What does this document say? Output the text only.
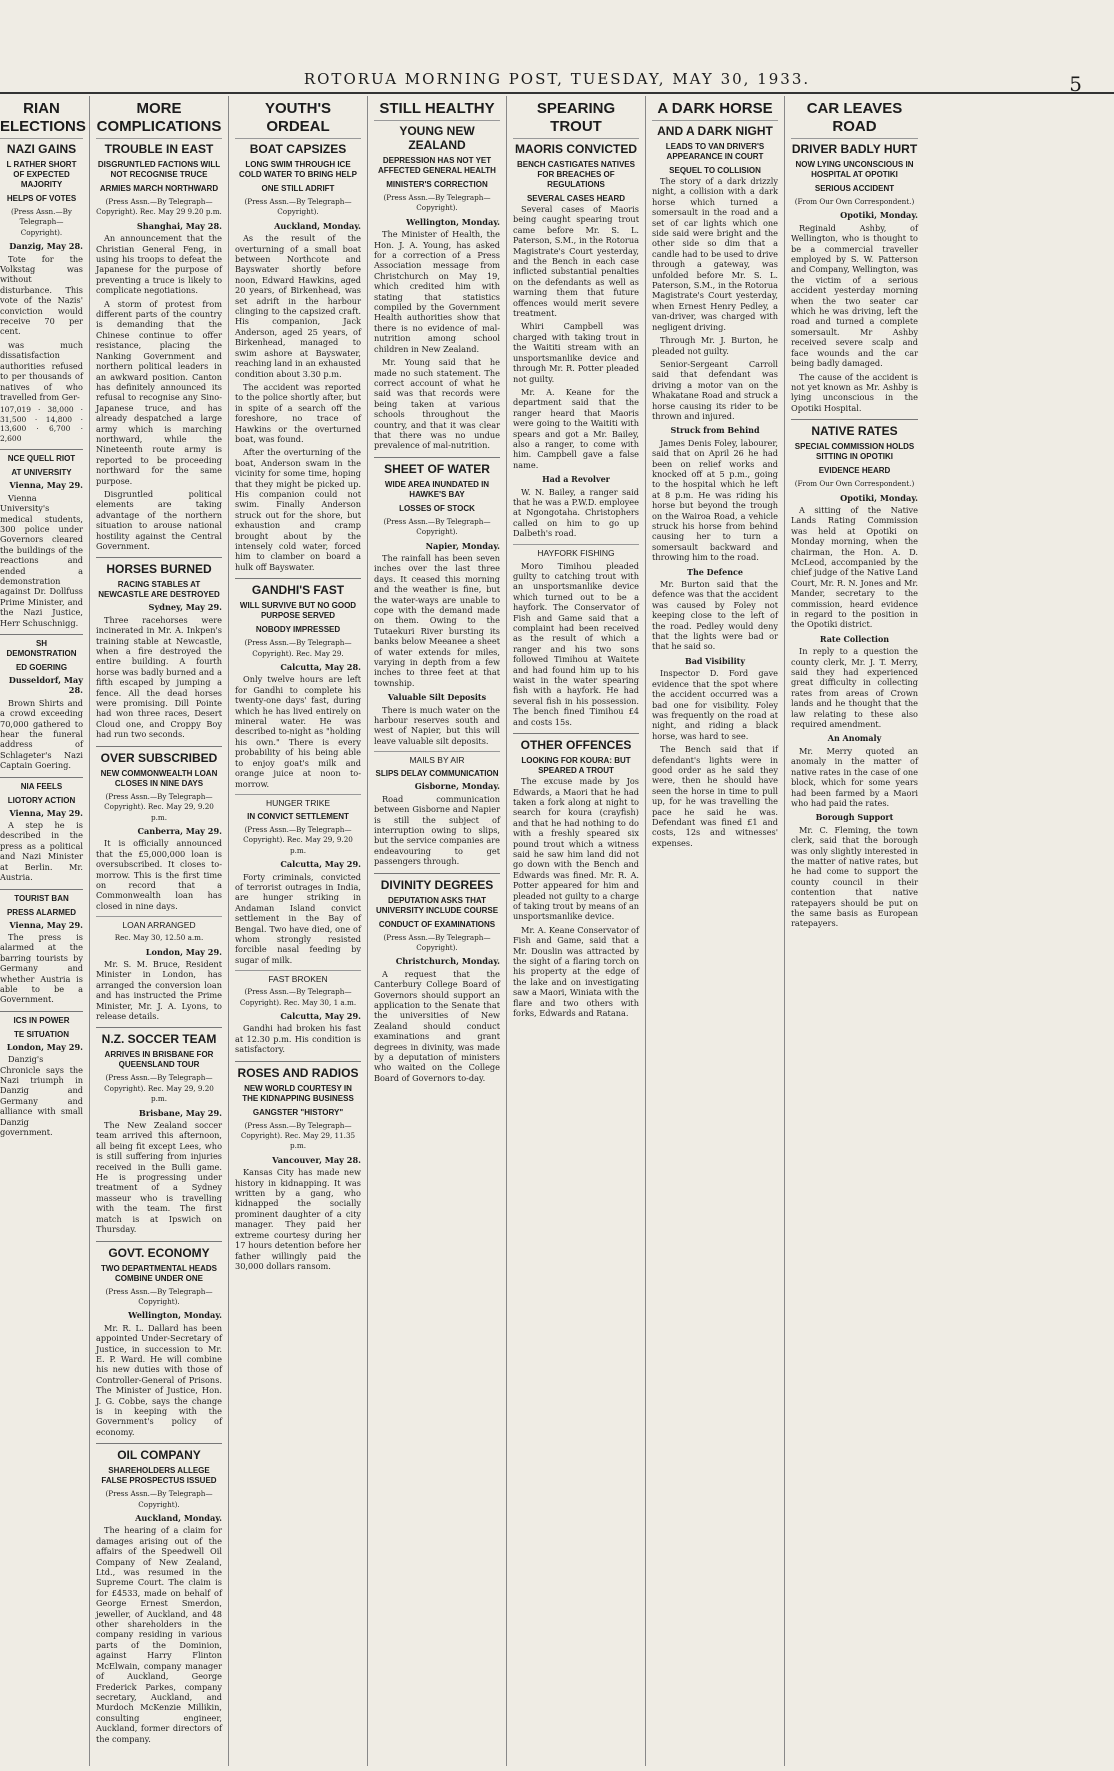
ROTORUA MORNING POST, TUESDAY, MAY 30, 1933.	5
RIAN ELECTIONS
NAZI GAINS
L RATHER SHORT OF EXPECTED MAJORITY
HELPS OF VOTES
(Press Assn.—By Telegraph—Copyright).
Danzig, May 28.

Tote for the Volkstag was without disturbance. This vote of the Nazis' conviction would receive 70 per cent.

was much dissatisfaction authorities refused to per thousands of natives of who travelled from Ger-

107,019 · 38,000 · 31,500 · 14,800 · 13,600 · 6,700 · 2,600
NCE QUELL RIOT
AT UNIVERSITY
Vienna, May 29.

Vienna University's medical students, 300 police under Governors cleared the buildings of the reactions and ended a demonstration against Dr. Dollfuss Prime Minister, and the Nazi Justice, Herr Schuschnigg.

SH DEMONSTRATION
ED GOERING
Dusseldorf, May 28.

Brown Shirts and a crowd exceeding 70,000 gathered to hear the funeral address of Schlageter's Nazi Captain Goering.

NIA FEELS
LIOTORY ACTION
Vienna, May 29.

A step he is described in the press as a political and Nazi Minister at Berlin. Mr. Austria.

TOURIST BAN
PRESS ALARMED
Vienna, May 29.

The press is alarmed at the barring tourists by Germany and whether Austria is able to be a Government.

ICS IN POWER
TE SITUATION
London, May 29.

Danzig's Chronicle says the Nazi triumph in Danzig and Germany and alliance with small Danzig government.

MORE COMPLICATIONS
TROUBLE IN EAST
DISGRUNTLED FACTIONS WILL NOT RECOGNISE TRUCE
ARMIES MARCH NORTHWARD
(Press Assn.—By Telegraph—Copyright). Rec. May 29 9.20 p.m.
Shanghai, May 28.

An announcement that the Christian General Feng, in using his troops to defeat the Japanese for the purpose of preventing a truce is likely to complicate negotiations.

A storm of protest from different parts of the country is demanding that the Chinese continue to offer resistance, placing the Nanking Government and northern political leaders in an awkward position. Canton has definitely announced its refusal to recognise any Sino-Japanese truce, and has already despatched a large army which is marching northward, while the Nineteenth route army is reported to be proceeding northward for the same purpose.

Disgruntled political elements are taking advantage of the northern situation to arouse national hostility against the Central Government.

HORSES BURNED
RACING STABLES AT NEWCASTLE ARE DESTROYED
Sydney, May 29.

Three racehorses were incinerated in Mr. A. Inkpen's training stable at Newcastle, when a fire destroyed the entire building. A fourth horse was badly burned and a fifth escaped by jumping a fence. All the dead horses were promising. Dill Pointe had won three races, Desert Cloud one, and Croppy Boy had run two seconds.

OVER SUBSCRIBED
NEW COMMONWEALTH LOAN CLOSES IN NINE DAYS
(Press Assn.—By Telegraph—Copyright). Rec. May 29, 9.20 p.m.
Canberra, May 29.

It is officially announced that the £5,000,000 loan is oversubscribed. It closes to-morrow. This is the first time on record that a Commonwealth loan has closed in nine days.

LOAN ARRANGED
Rec. May 30, 12.50 a.m.
London, May 29.

Mr. S. M. Bruce, Resident Minister in London, has arranged the conversion loan and has instructed the Prime Minister, Mr. J. A. Lyons, to release details.

N.Z. SOCCER TEAM
ARRIVES IN BRISBANE FOR QUEENSLAND TOUR
(Press Assn.—By Telegraph—Copyright). Rec. May 29, 9.20 p.m.
Brisbane, May 29.

The New Zealand soccer team arrived this afternoon, all being fit except Lees, who is still suffering from injuries received in the Bulli game. He is progressing under treatment of a Sydney masseur who is travelling with the team. The first match is at Ipswich on Thursday.

GOVT. ECONOMY
TWO DEPARTMENTAL HEADS COMBINE UNDER ONE
(Press Assn.—By Telegraph—Copyright).
Wellington, Monday.

Mr. R. L. Dallard has been appointed Under-Secretary of Justice, in succession to Mr. E. P. Ward. He will combine his new duties with those of Controller-General of Prisons. The Minister of Justice, Hon. J. G. Cobbe, says the change is in keeping with the Government's policy of economy.

OIL COMPANY
SHAREHOLDERS ALLEGE FALSE PROSPECTUS ISSUED
(Press Assn.—By Telegraph—Copyright).
Auckland, Monday.

The hearing of a claim for damages arising out of the affairs of the Speedwell Oil Company of New Zealand, Ltd., was resumed in the Supreme Court. The claim is for £4533, made on behalf of George Ernest Smerdon, jeweller, of Auckland, and 48 other shareholders in the company residing in various parts of the Dominion, against Harry Flinton McElwain, company manager of Auckland, George Frederick Parkes, company secretary, Auckland, and Murdoch McKenzie Millikin, consulting engineer, Auckland, former directors of the company.

YOUTH'S ORDEAL
BOAT CAPSIZES
LONG SWIM THROUGH ICE COLD WATER TO BRING HELP
ONE STILL ADRIFT
(Press Assn.—By Telegraph—Copyright).
Auckland, Monday.

As the result of the overturning of a small boat between Northcote and Bayswater shortly before noon, Edward Hawkins, aged 20 years, of Birkenhead, was set adrift in the harbour clinging to the capsized craft. His companion, Jack Anderson, aged 25 years, of Birkenhead, managed to swim ashore at Bayswater, reaching land in an exhausted condition about 3.30 p.m.

The accident was reported to the police shortly after, but in spite of a search off the foreshore, no trace of Hawkins or the overturned boat, was found.

After the overturning of the boat, Anderson swam in the vicinity for some time, hoping that they might be picked up. His companion could not swim. Finally Anderson struck out for the shore, but exhaustion and cramp brought about by the intensely cold water, forced him to clamber on board a hulk off Bayswater.

GANDHI'S FAST
WILL SURVIVE BUT NO GOOD PURPOSE SERVED
NOBODY IMPRESSED
(Press Assn.—By Telegraph—Copyright). Rec. May 29.
Calcutta, May 28.

Only twelve hours are left for Gandhi to complete his twenty-one days' fast, during which he has lived entirely on mineral water. He was described to-night as "holding his own." There is every probability of his being able to enjoy goat's milk and orange juice at noon to-morrow.

HUNGER TRIKE
IN CONVICT SETTLEMENT
(Press Assn.—By Telegraph—Copyright). Rec. May 29, 9.20 p.m.
Calcutta, May 29.

Forty criminals, convicted of terrorist outrages in India, are hunger striking in Andaman Island convict settlement in the Bay of Bengal. Two have died, one of whom strongly resisted forcible nasal feeding by sugar of milk.

FAST BROKEN
(Press Assn.—By Telegraph—Copyright). Rec. May 30, 1 a.m.
Calcutta, May 29.

Gandhi had broken his fast at 12.30 p.m. His condition is satisfactory.

ROSES AND RADIOS
NEW WORLD COURTESY IN THE KIDNAPPING BUSINESS
GANGSTER "HISTORY"
(Press Assn.—By Telegraph—Copyright). Rec. May 29, 11.35 p.m.
Vancouver, May 28.

Kansas City has made new history in kidnapping. It was written by a gang, who kidnapped the socially prominent daughter of a city manager. They paid her extreme courtesy during her 17 hours detention before her father willingly paid the 30,000 dollars ransom.

STILL HEALTHY
YOUNG NEW ZEALAND
DEPRESSION HAS NOT YET AFFECTED GENERAL HEALTH
MINISTER'S CORRECTION
(Press Assn.—By Telegraph—Copyright).
Wellington, Monday.

The Minister of Health, the Hon. J. A. Young, has asked for a correction of a Press Association message from Christchurch on May 19, which credited him with stating that statistics compiled by the Government Health authorities show that there is no evidence of mal-nutrition among school children in New Zealand.

Mr. Young said that he made no such statement. The correct account of what he said was that records were being taken at various schools throughout the country, and that it was clear that there was no undue prevalence of mal-nutrition.

SHEET OF WATER
WIDE AREA INUNDATED IN HAWKE'S BAY
LOSSES OF STOCK
(Press Assn.—By Telegraph—Copyright).
Napier, Monday.

The rainfall has been seven inches over the last three days. It ceased this morning and the weather is fine, but the water-ways are unable to cope with the demand made on them. Owing to the Tutaekuri River bursting its banks below Meeanee a sheet of water extends for miles, varying in depth from a few inches to three feet at that township.

Valuable Silt Deposits

There is much water on the harbour reserves south and west of Napier, but this will leave valuable silt deposits.

MAILS BY AIR
SLIPS DELAY COMMUNICATION
Gisborne, Monday.

Road communication between Gisborne and Napier is still the subject of interruption owing to slips, but the service companies are endeavouring to get passengers through.

DIVINITY DEGREES
DEPUTATION ASKS THAT UNIVERSITY INCLUDE COURSE
CONDUCT OF EXAMINATIONS
(Press Assn.—By Telegraph—Copyright).
Christchurch, Monday.

A request that the Canterbury College Board of Governors should support an application to the Senate that the universities of New Zealand should conduct examinations and grant degrees in divinity, was made by a deputation of ministers who waited on the College Board of Governors to-day.

SPEARING TROUT
MAORIS CONVICTED
BENCH CASTIGATES NATIVES FOR BREACHES OF REGULATIONS
SEVERAL CASES HEARD

Several cases of Maoris being caught spearing trout came before Mr. S. L. Paterson, S.M., in the Rotorua Magistrate's Court yesterday, and the Bench in each case inflicted substantial penalties on the defendants as well as warning them that future offences would merit severe treatment.

Whiri Campbell was charged with taking trout in the Waititi stream with an unsportsmanlike device and through Mr. R. Potter pleaded not guilty.

Mr. A. Keane for the department said that the ranger heard that Maoris were going to the Waititi with spears and got a Mr. Bailey, also a ranger, to come with him. Campbell gave a false name.

Had a Revolver

W. N. Bailey, a ranger said that he was a P.W.D. employee at Ngongotaha. Christophers called on him to go up Dalbeth's road.

HAYFORK FISHING

Moro Timihou pleaded guilty to catching trout with an unsportsmanlike device which turned out to be a hayfork. The Conservator of Fish and Game said that a complaint had been received as the result of which a ranger and his two sons followed Timihou at Waitete and had found him up to his waist in the water spearing fish with a hayfork. He had several fish in his possession. The bench fined Timihou £4 and costs 15s.

OTHER OFFENCES
LOOKING FOR KOURA: BUT SPEARED A TROUT

The excuse made by Jos Edwards, a Maori that he had taken a fork along at night to search for koura (crayfish) and that he had nothing to do with a freshly speared six pound trout which a witness said he saw him land did not go down with the Bench and Edwards was fined. Mr. R. A. Potter appeared for him and pleaded not guilty to a charge of taking trout by means of an unsportsmanlike device.

Mr. A. Keane Conservator of Fish and Game, said that a Mr. Douslin was attracted by the sight of a flaring torch on his property at the edge of the lake and on investigating saw a Maori, Winiata with the flare and two others with forks, Edwards and Ratana.

A DARK HORSE
AND A DARK NIGHT
LEADS TO VAN DRIVER'S APPEARANCE IN COURT
SEQUEL TO COLLISION

The story of a dark drizzly night, a collision with a dark horse which turned a somersault in the road and a set of car lights which one side said were bright and the other side so dim that a candle had to be used to drive through a gateway, was unfolded before Mr. S. L. Paterson, S.M., in the Rotorua Magistrate's Court yesterday, when Ernest Henry Pedley, a van-driver, was charged with negligent driving.

Through Mr. J. Burton, he pleaded not guilty.

Senior-Sergeant Carroll said that defendant was driving a motor van on the Whakatane Road and struck a horse causing its rider to be thrown and injured.

Struck from Behind

James Denis Foley, labourer, said that on April 26 he had been on relief works and knocked off at 5 p.m., going to the hospital which he left at 8 p.m. He was riding his horse but beyond the trough on the Wairoa Road, a vehicle struck his horse from behind causing her to turn a somersault backward and throwing him to the road.

The Defence

Mr. Burton said that the defence was that the accident was caused by Foley not keeping close to the left of the road. Pedley would deny that the lights were bad or that he said so.

Bad Visibility

Inspector D. Ford gave evidence that the spot where the accident occurred was a bad one for visibility. Foley was frequently on the road at night, and riding a black horse, was hard to see.

The Bench said that if defendant's lights were in good order as he said they were, then he should have seen the horse in time to pull up, for he was travelling the pace he said he was. Defendant was fined £1 and costs, 12s and witnesses' expenses.

CAR LEAVES ROAD
DRIVER BADLY HURT
NOW LYING UNCONSCIOUS IN HOSPITAL AT OPOTIKI
SERIOUS ACCIDENT
(From Our Own Correspondent.)
Opotiki, Monday.

Reginald Ashby, of Wellington, who is thought to be a commercial traveller employed by S. W. Patterson and Company, Wellington, was the victim of a serious accident yesterday morning when the two seater car which he was driving, left the road and turned a complete somersault. Mr Ashby received severe scalp and face wounds and the car being badly damaged.

The cause of the accident is not yet known as Mr. Ashby is lying unconscious in the Opotiki Hospital.

NATIVE RATES
SPECIAL COMMISSION HOLDS SITTING IN OPOTIKI
EVIDENCE HEARD
(From Our Own Correspondent.)
Opotiki, Monday.

A sitting of the Native Lands Rating Commission was held at Opotiki on Monday morning, when the chairman, the Hon. A. D. McLeod, accompanied by the chief judge of the Native Land Court, Mr. R. N. Jones and Mr. Mander, secretary to the commission, heard evidence in regard to the position in the Opotiki district.

Rate Collection

In reply to a question the county clerk, Mr. J. T. Merry, said they had experienced great difficulty in collecting rates from areas of Crown lands and he thought that the law relating to these also required amendment.

An Anomaly

Mr. Merry quoted an anomaly in the matter of native rates in the case of one block, which for some years had been farmed by a Maori who had paid the rates.

Borough Support

Mr. C. Fleming, the town clerk, said that the borough was only slightly interested in the matter of native rates, but he had come to support the county council in their contention that native ratepayers should be put on the same basis as European ratepayers.
